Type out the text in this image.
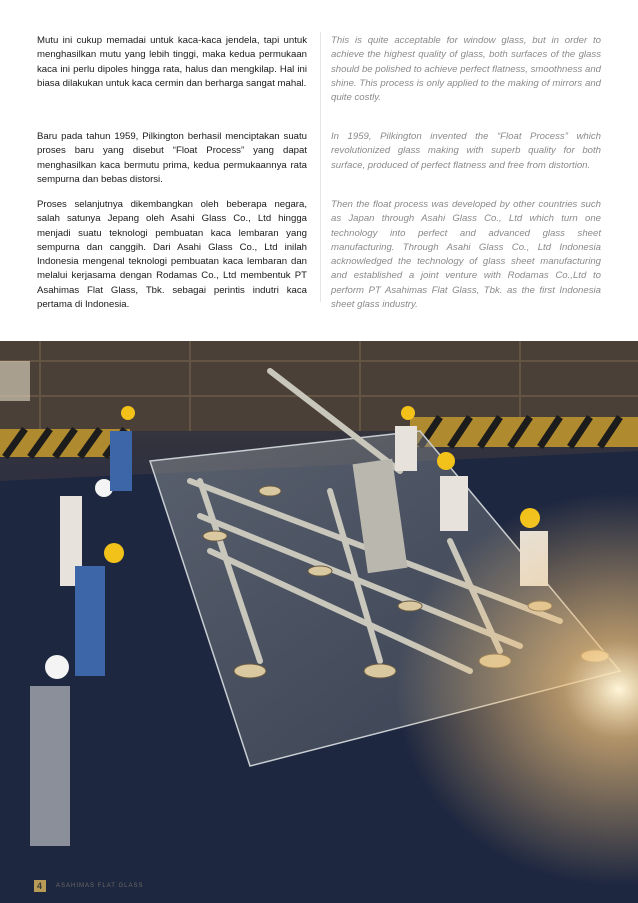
Mutu ini cukup memadai untuk kaca-kaca jendela, tapi untuk menghasilkan mutu yang lebih tinggi, maka kedua permukaan kaca ini perlu dipoles hingga rata, halus dan mengkilap. Hal ini biasa dilakukan untuk kaca cermin dan berharga sangat mahal.

Baru pada tahun 1959, Pilkington berhasil menciptakan suatu proses baru yang disebut “Float Process” yang dapat menghasilkan kaca bermutu prima, kedua permukaannya rata sempurna dan bebas distorsi.

Proses selanjutnya dikembangkan oleh beberapa negara, salah satunya Jepang oleh Asahi Glass Co., Ltd hingga menjadi suatu teknologi pembuatan kaca lembaran yang sempurna dan canggih. Dari Asahi Glass Co., Ltd inilah Indonesia mengenal teknologi pembuatan kaca lembaran dan melalui kerjasama dengan Rodamas Co., Ltd membentuk PT Asahimas Flat Glass, Tbk. sebagai perintis indutri kaca pertama di Indonesia.

This is quite acceptable for window glass, but in order to achieve the highest quality of glass, both surfaces of the glass should be polished to achieve perfect flatness, smoothness and shine. This process is only applied to the making of mirrors and quite costly.

In 1959, Pilkington invented the “Float Process” which revolutionized glass making with superb quality for both surface, produced of perfect flatness and free from distortion.

Then the float process was developed by other countries such as Japan through Asahi Glass Co., Ltd which turn one technology into perfect and advanced glass sheet manufacturing. Through Asahi Glass Co., Ltd Indonesia acknowledged the technology of glass sheet manufacturing and established a joint venture with Rodamas Co.,Ltd to perform PT Asahimas Flat Glass, Tbk. as the first Indonesia sheet glass industry.

4	ASAHIMAS FLAT GLASS
